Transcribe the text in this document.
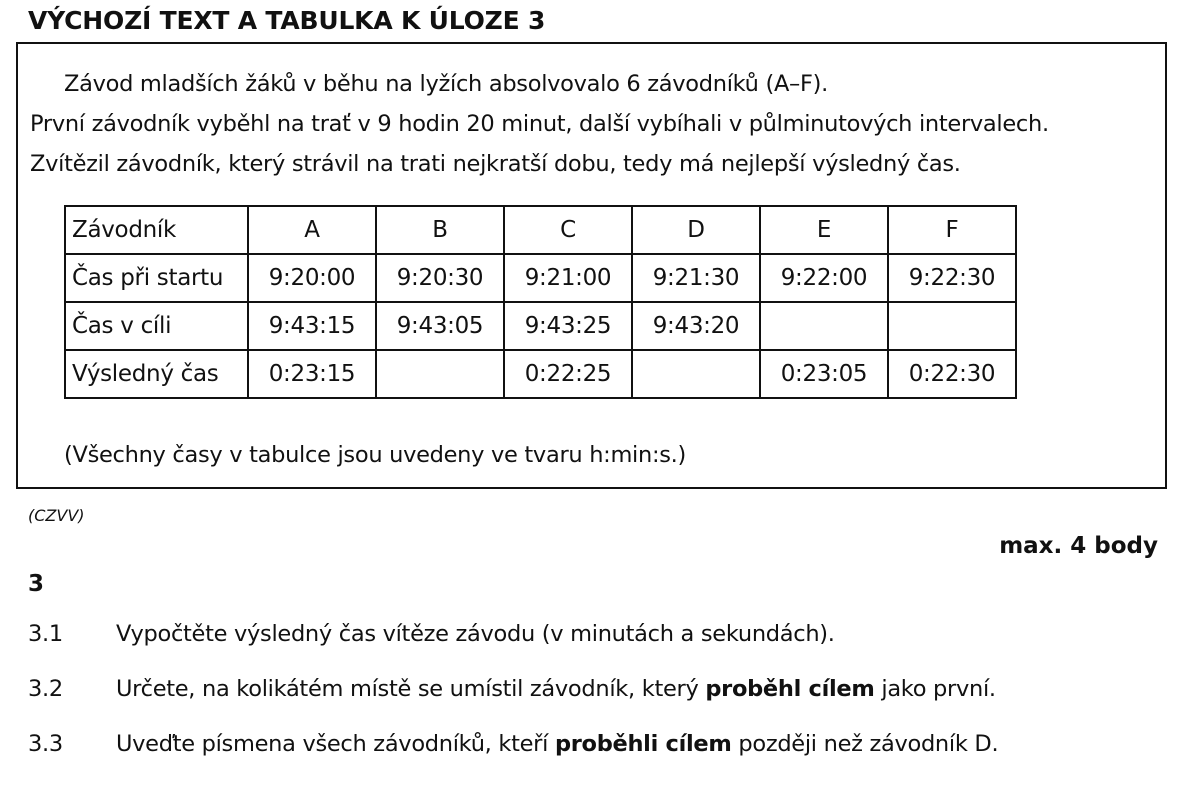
VÝCHOZÍ TEXT A TABULKA K ÚLOZE 3
Závod mladších žáků v běhu na lyžích absolvovalo 6 závodníků (A–F).
První závodník vyběhl na trať v 9 hodin 20 minut, další vybíhali v půlminutových intervalech.
Zvítězil závodník, který strávil na trati nejkratší dobu, tedy má nejlepší výsledný čas.
Závodník	A	B	C	D	E	F
Čas při startu	9:20:00	9:20:30	9:21:00	9:21:30	9:22:00	9:22:30
Čas v cíli	9:43:15	9:43:05	9:43:25	9:43:20		
Výsledný čas	0:23:15		0:22:25		0:23:05	0:22:30
(Všechny časy v tabulce jsou uvedeny ve tvaru h:min:s.)
(CZVV)
max. 4 body
3
3.1 Vypočtěte výsledný čas vítěze závodu (v minutách a sekundách).
3.2 Určete, na kolikátém místě se umístil závodník, který proběhl cílem jako první.
3.3 Uveďte písmena všech závodníků, kteří proběhli cílem později než závodník D.
